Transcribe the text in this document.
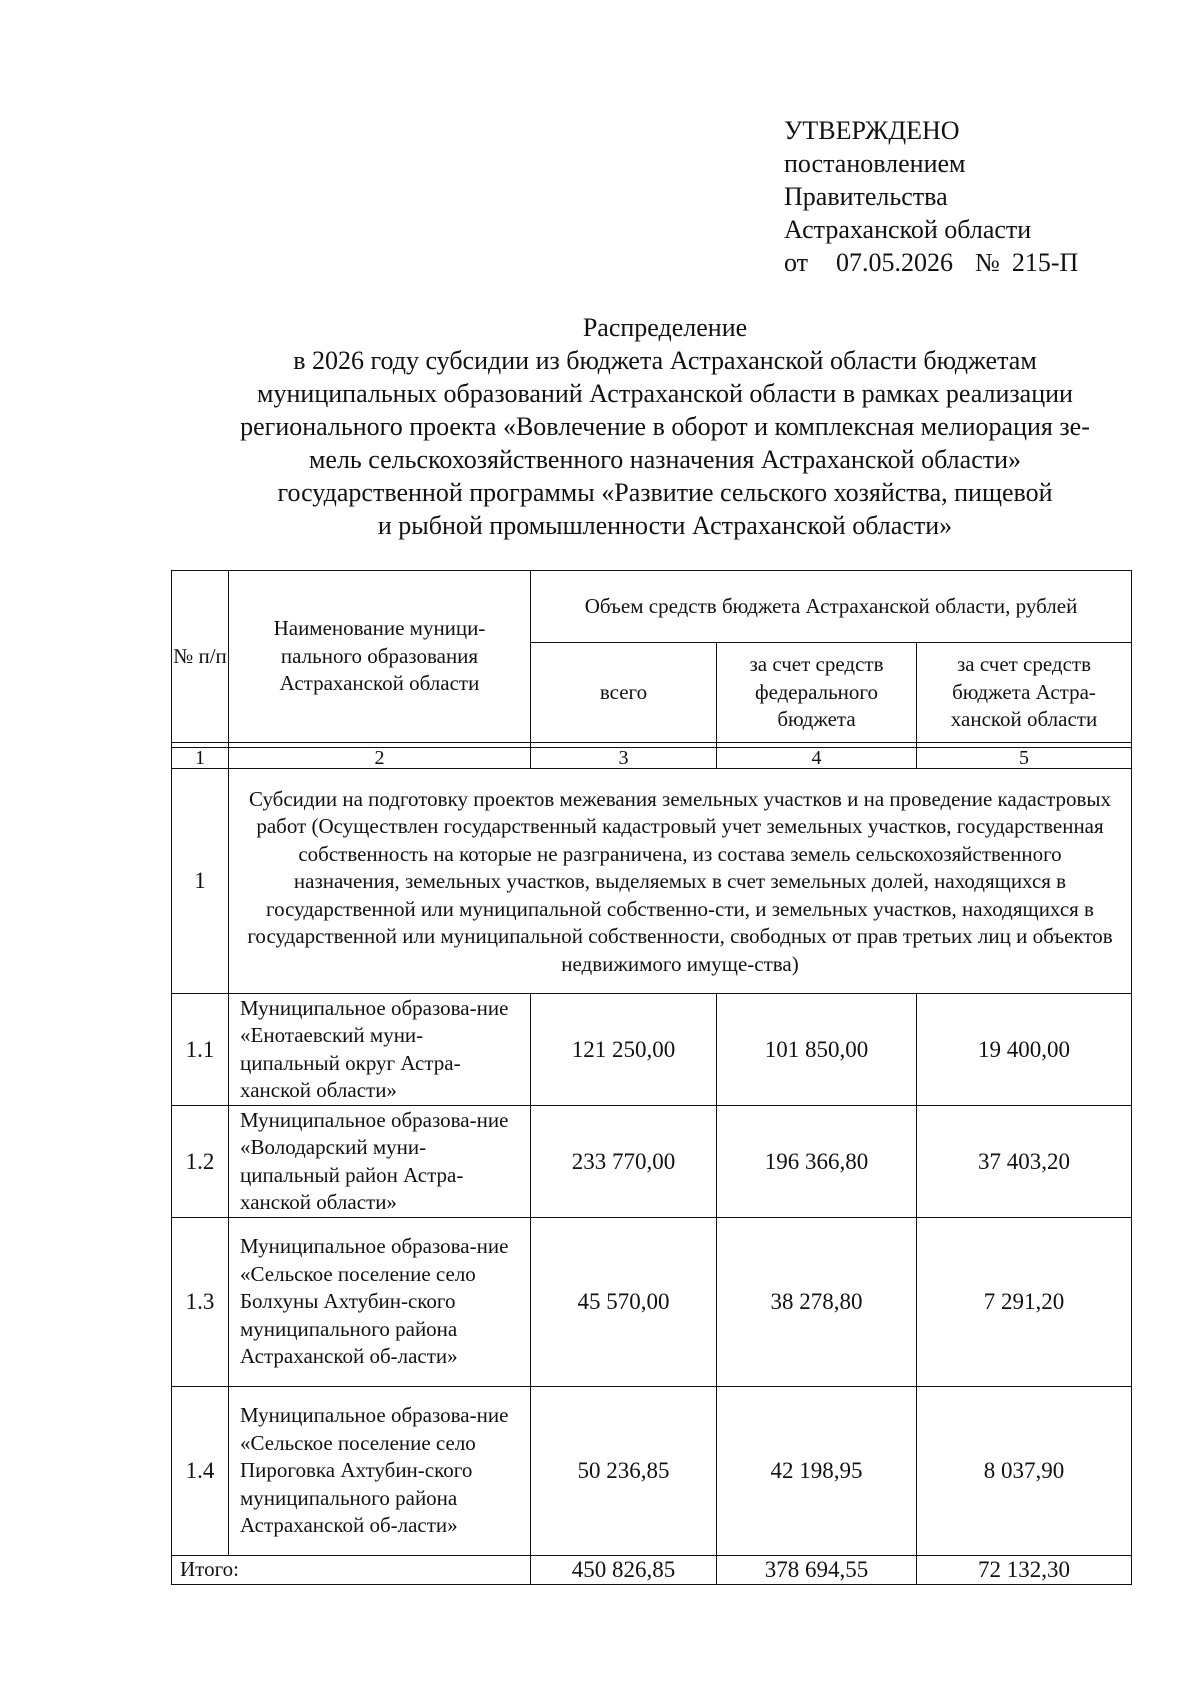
УТВЕРЖДЕНО
постановлением
Правительства
Астраханской области
от 07.05.2026 № 215-П
Распределение
в 2026 году субсидии из бюджета Астраханской области бюджетам
муниципальных образований Астраханской области в рамках реализации
регионального проекта «Вовлечение в оборот и комплексная мелиорация зе-
мель сельскохозяйственного назначения Астраханской области»
государственной программы «Развитие сельского хозяйства, пищевой
и рыбной промышленности Астраханской области»
№ п/п	Наименование муници-пального образования Астраханской области	Объем средств бюджета Астраханской области, рублей		
		всего	за счет средств федерального бюджета	за счет средств бюджета Астра-ханской области

1	2	3	4	5
1	Субсидии на подготовку проектов межевания земельных участков и на проведение кадастровых работ (Осуществлен государственный кадастровый учет земельных участков, государственная собственность на которые не разграничена, из состава земель сельскохозяйственного назначения, земельных участков, выделяемых в счет земельных долей, находящихся в государственной или муниципальной собственно-сти, и земельных участков, находящихся в государственной или муниципальной собственности, свободных от прав третьих лиц и объектов недвижимого имуще-ства)			
1.1	Муниципальное образова-ние «Енотаевский муни-ципальный округ Астра-ханской области»	121 250,00	101 850,00	19 400,00
1.2	Муниципальное образова-ние «Володарский муни-ципальный район Астра-ханской области»	233 770,00	196 366,80	37 403,20
1.3	Муниципальное образова-ние «Сельское поселение село Болхуны Ахтубин-ского муниципального района Астраханской об-ласти»	45 570,00	38 278,80	7 291,20
1.4	Муниципальное образова-ние «Сельское поселение село Пироговка Ахтубин-ского муниципального района Астраханской об-ласти»	50 236,85	42 198,95	8 037,90
Итого:		450 826,85	378 694,55	72 132,30
